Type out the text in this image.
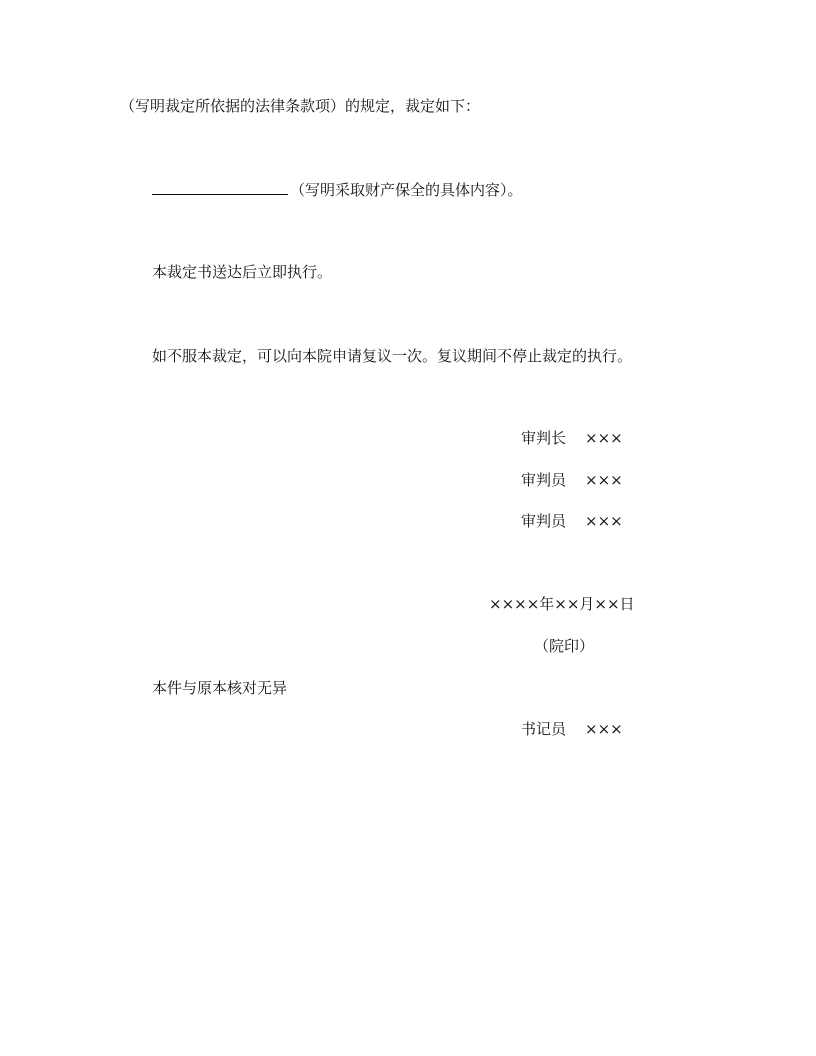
（写明裁定所依据的法律条款项）的规定，裁定如下：
（写明采取财产保全的具体内容）。
本裁定书送达后立即执行。
如不服本裁定，可以向本院申请复议一次。复议期间不停止裁定的执行。
审判长 ×××
审判员 ×××
审判员 ×××
××××年××月××日
（院印）
本件与原本核对无异
书记员 ×××
